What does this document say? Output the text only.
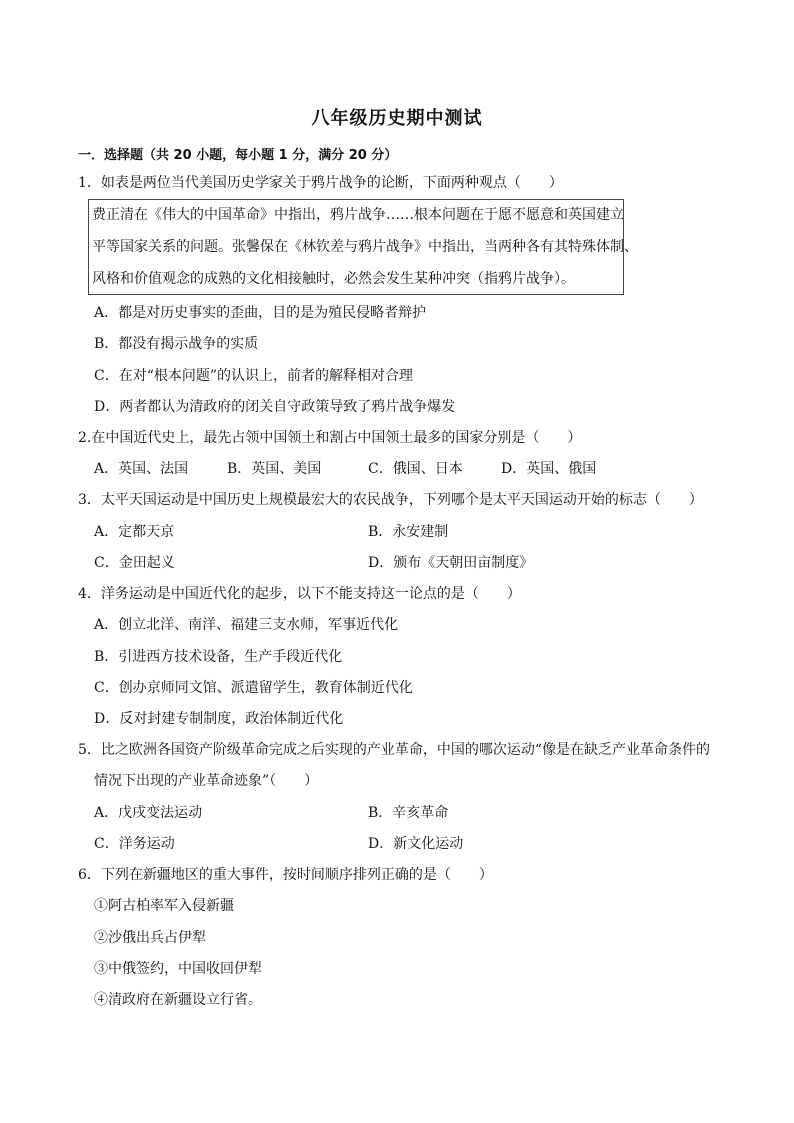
八年级历史期中测试
一．选择题（共 20 小题，每小题 1 分，满分 20 分）
1．如表是两位当代美国历史学家关于鸦片战争的论断，下面两种观点（　　）
费正清在《伟大的中国革命》中指出，鸦片战争……根本问题在于愿不愿意和英国建立
平等国家关系的问题。张馨保在《林钦差与鸦片战争》中指出，当两种各有其特殊体制、
风格和价值观念的成熟的文化相接触时，必然会发生某种冲突（指鸦片战争）。
A．都是对历史事实的歪曲，目的是为殖民侵略者辩护
B．都没有揭示战争的实质
C．在对“根本问题”的认识上，前者的解释相对合理
D．两者都认为清政府的闭关自守政策导致了鸦片战争爆发
2.在中国近代史上，最先占领中国领土和割占中国领土最多的国家分别是（　　）
A．英国、法国	B．英国、美国	C．俄国、日本	D．英国、俄国
3．太平天国运动是中国历史上规模最宏大的农民战争，下列哪个是太平天国运动开始的标志（　　）
A．定都天京	B．永安建制
C．金田起义	D．颁布《天朝田亩制度》
4．洋务运动是中国近代化的起步，以下不能支持这一论点的是（　　）
A．创立北洋、南洋、福建三支水师，军事近代化
B．引进西方技术设备，生产手段近代化
C．创办京师同文馆、派遣留学生，教育体制近代化
D．反对封建专制制度，政治体制近代化
5．比之欧洲各国资产阶级革命完成之后实现的产业革命，中国的哪次运动“像是在缺乏产业革命条件的
情况下出现的产业革命迹象”（　　）
A．戊戌变法运动	B．辛亥革命
C．洋务运动	D．新文化运动
6．下列在新疆地区的重大事件，按时间顺序排列正确的是（　　）
①阿古柏率军入侵新疆
②沙俄出兵占伊犁
③中俄签约，中国收回伊犁
④清政府在新疆设立行省。
